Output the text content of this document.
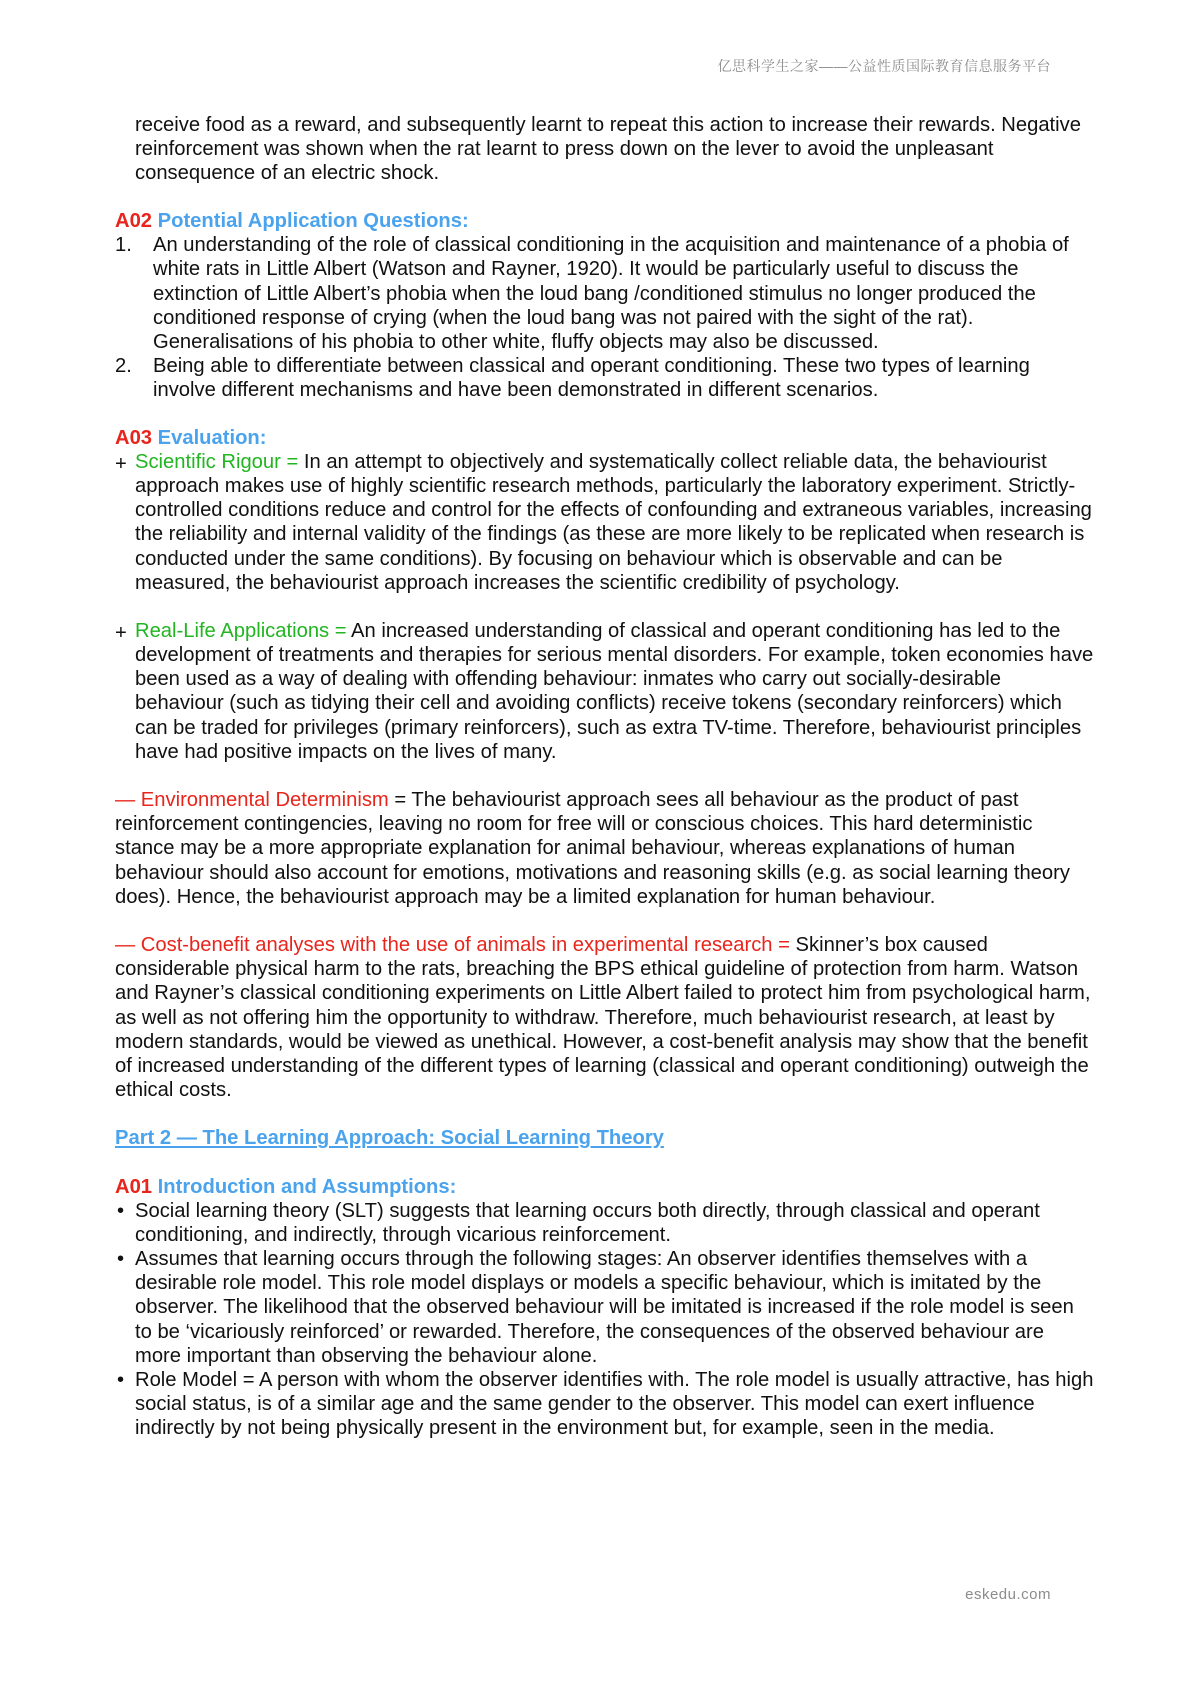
亿思科学生之家——公益性质国际教育信息服务平台

receive food as a reward, and subsequently learnt to repeat this action to increase their rewards. Negative reinforcement was shown when the rat learnt to press down on the lever to avoid the unpleasant consequence of an electric shock.

A02 Potential Application Questions:

1. An understanding of the role of classical conditioning in the acquisition and maintenance of a phobia of white rats in Little Albert (Watson and Rayner, 1920). It would be particularly useful to discuss the extinction of Little Albert’s phobia when the loud bang /conditioned stimulus no longer produced the conditioned response of crying (when the loud bang was not paired with the sight of the rat). Generalisations of his phobia to other white, fluffy objects may also be discussed.
2. Being able to differentiate between classical and operant conditioning. These two types of learning involve different mechanisms and have been demonstrated in different scenarios.

A03 Evaluation:

+ Scientific Rigour = In an attempt to objectively and systematically collect reliable data, the behaviourist approach makes use of highly scientific research methods, particularly the laboratory experiment. Strictly-controlled conditions reduce and control for the effects of confounding and extraneous variables, increasing the reliability and internal validity of the findings (as these are more likely to be replicated when research is conducted under the same conditions). By focusing on behaviour which is observable and can be measured, the behaviourist approach increases the scientific credibility of psychology.
+ Real-Life Applications = An increased understanding of classical and operant conditioning has led to the development of treatments and therapies for serious mental disorders. For example, token economies have been used as a way of dealing with offending behaviour: inmates who carry out socially-desirable behaviour (such as tidying their cell and avoiding conflicts) receive tokens (secondary reinforcers) which can be traded for privileges (primary reinforcers), such as extra TV-time. Therefore, behaviourist principles have had positive impacts on the lives of many.

— Environmental Determinism = The behaviourist approach sees all behaviour as the product of past reinforcement contingencies, leaving no room for free will or conscious choices. This hard deterministic stance may be a more appropriate explanation for animal behaviour, whereas explanations of human behaviour should also account for emotions, motivations and reasoning skills (e.g. as social learning theory does). Hence, the behaviourist approach may be a limited explanation for human behaviour.

— Cost-benefit analyses with the use of animals in experimental research = Skinner’s box caused considerable physical harm to the rats, breaching the BPS ethical guideline of protection from harm. Watson and Rayner’s classical conditioning experiments on Little Albert failed to protect him from psychological harm, as well as not offering him the opportunity to withdraw. Therefore, much behaviourist research, at least by modern standards, would be viewed as unethical. However, a cost-benefit analysis may show that the benefit of increased understanding of the different types of learning (classical and operant conditioning) outweigh the ethical costs.

Part 2 — The Learning Approach: Social Learning Theory

A01 Introduction and Assumptions:

• Social learning theory (SLT) suggests that learning occurs both directly, through classical and operant conditioning, and indirectly, through vicarious reinforcement.
• Assumes that learning occurs through the following stages: An observer identifies themselves with a desirable role model. This role model displays or models a specific behaviour, which is imitated by the observer. The likelihood that the observed behaviour will be imitated is increased if the role model is seen to be ‘vicariously reinforced’ or rewarded. Therefore, the consequences of the observed behaviour are more important than observing the behaviour alone.
• Role Model = A person with whom the observer identifies with. The role model is usually attractive, has high social status, is of a similar age and the same gender to the observer. This model can exert influence indirectly by not being physically present in the environment but, for example, seen in the media.
eskedu.com
